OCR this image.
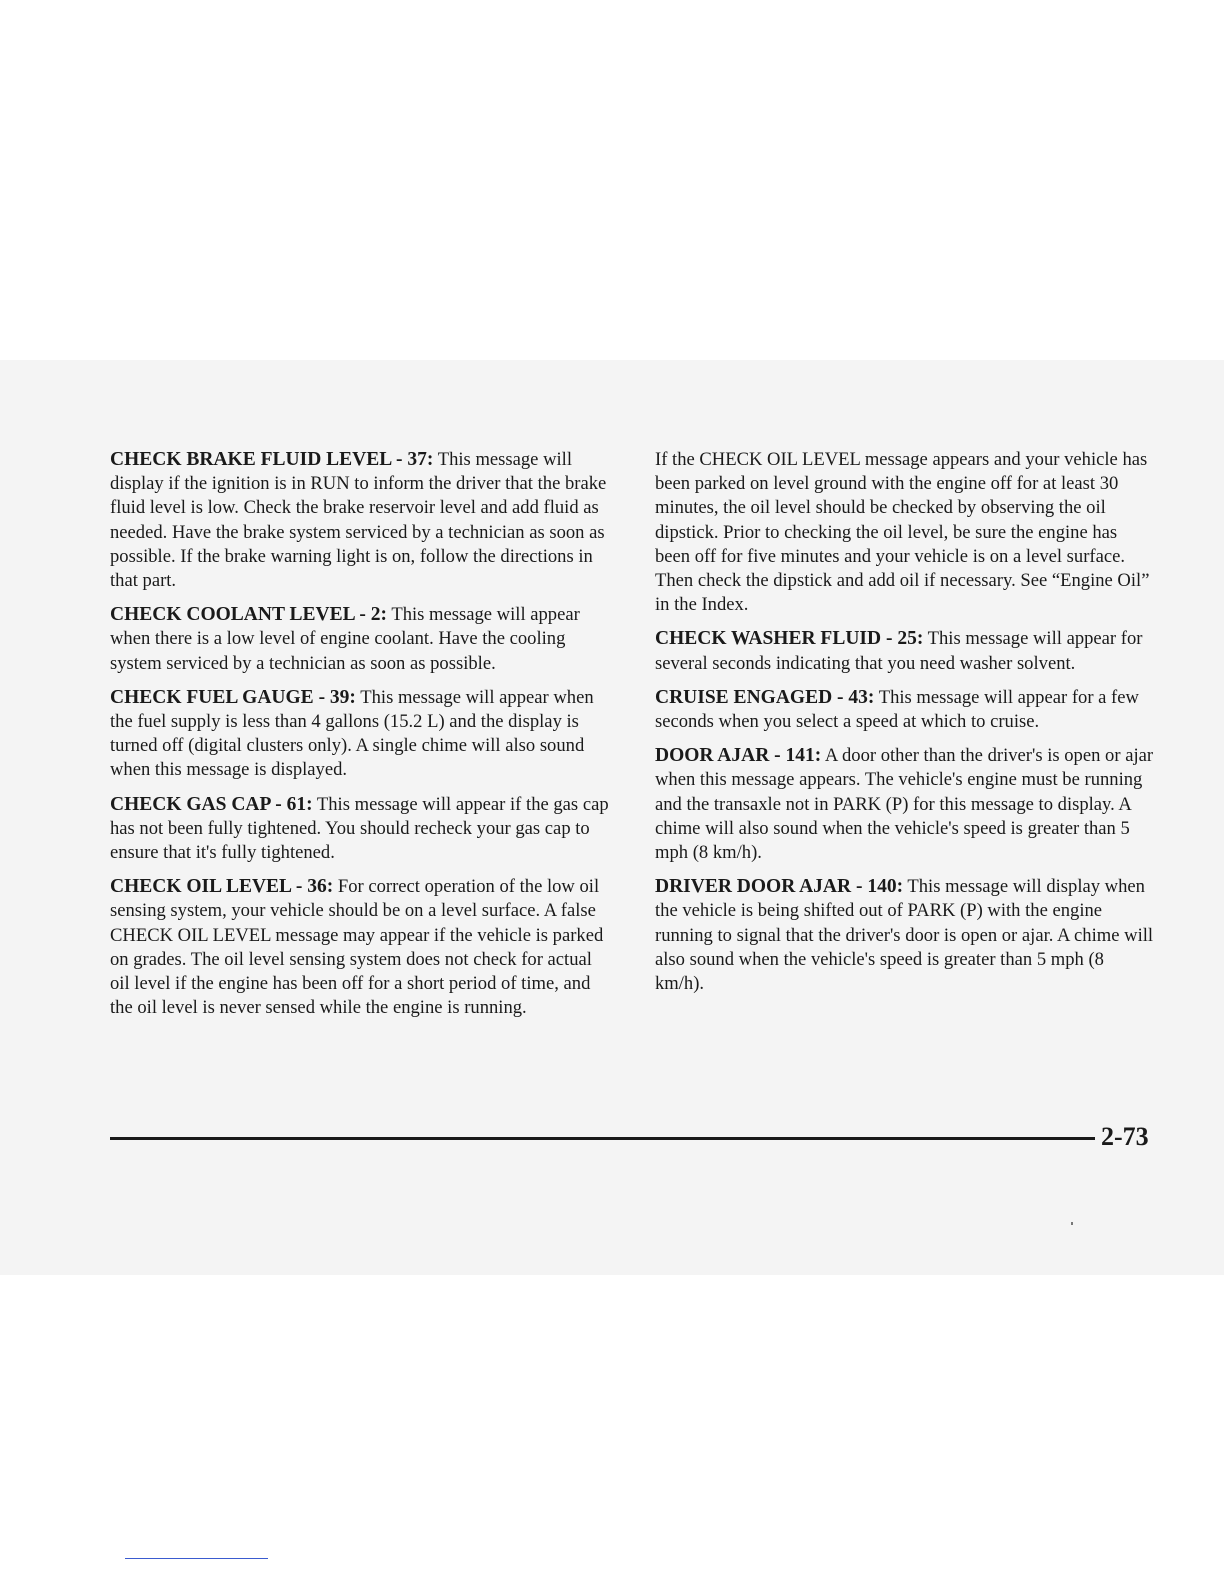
CHECK BRAKE FLUID LEVEL - 37: This message will display if the ignition is in RUN to inform the driver that the brake fluid level is low. Check the brake reservoir level and add fluid as needed. Have the brake system serviced by a technician as soon as possible. If the brake warning light is on, follow the directions in that part.

CHECK COOLANT LEVEL - 2: This message will appear when there is a low level of engine coolant. Have the cooling system serviced by a technician as soon as possible.

CHECK FUEL GAUGE - 39: This message will appear when the fuel supply is less than 4 gallons (15.2 L) and the display is turned off (digital clusters only). A single chime will also sound when this message is displayed.

CHECK GAS CAP - 61: This message will appear if the gas cap has not been fully tightened. You should recheck your gas cap to ensure that it's fully tightened.

CHECK OIL LEVEL - 36: For correct operation of the low oil sensing system, your vehicle should be on a level surface. A false CHECK OIL LEVEL message may appear if the vehicle is parked on grades. The oil level sensing system does not check for actual oil level if the engine has been off for a short period of time, and the oil level is never sensed while the engine is running.

If the CHECK OIL LEVEL message appears and your vehicle has been parked on level ground with the engine off for at least 30 minutes, the oil level should be checked by observing the oil dipstick. Prior to checking the oil level, be sure the engine has been off for five minutes and your vehicle is on a level surface. Then check the dipstick and add oil if necessary. See “Engine Oil” in the Index.

CHECK WASHER FLUID - 25: This message will appear for several seconds indicating that you need washer solvent.

CRUISE ENGAGED - 43: This message will appear for a few seconds when you select a speed at which to cruise.

DOOR AJAR - 141: A door other than the driver's is open or ajar when this message appears. The vehicle's engine must be running and the transaxle not in PARK (P) for this message to display. A chime will also sound when the vehicle's speed is greater than 5 mph (8 km/h).

DRIVER DOOR AJAR - 140: This message will display when the vehicle is being shifted out of PARK (P) with the engine running to signal that the driver's door is open or ajar. A chime will also sound when the vehicle's speed is greater than 5 mph (8 km/h).

2-73
